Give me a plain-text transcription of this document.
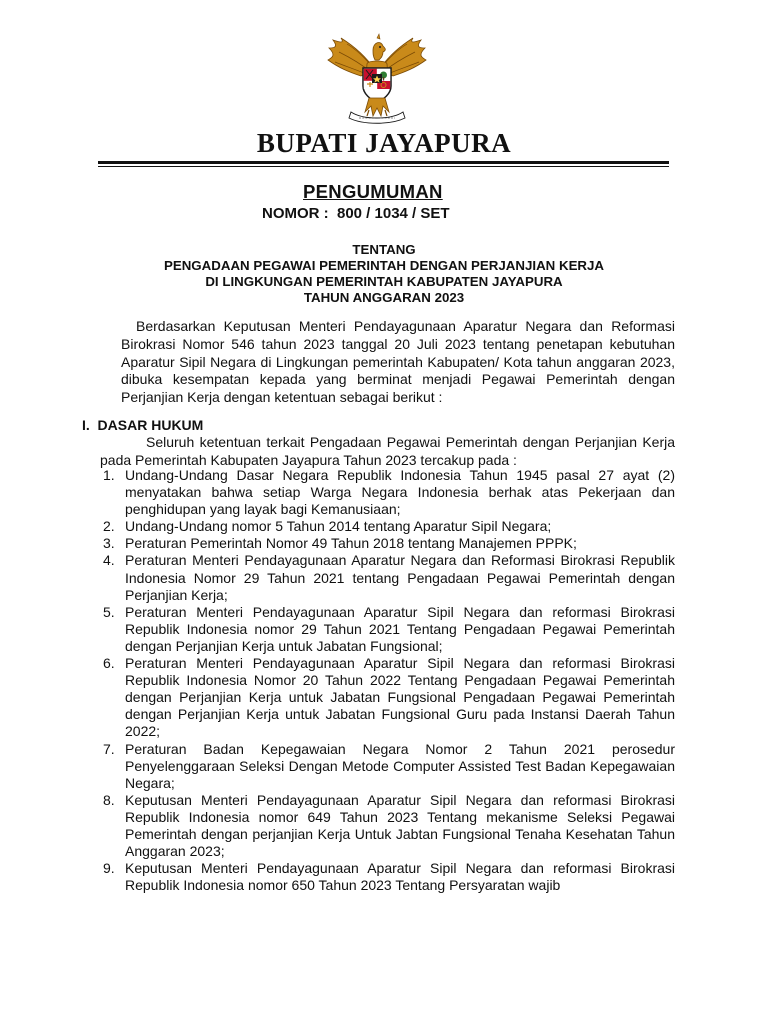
BUPATI JAYAPURA
PENGUMUMAN
NOMOR :  800 / 1034 / SET
TENTANG
PENGADAAN PEGAWAI PEMERINTAH DENGAN PERJANJIAN KERJA
DI LINGKUNGAN PEMERINTAH KABUPATEN JAYAPURA
TAHUN ANGGARAN 2023
Berdasarkan Keputusan Menteri Pendayagunaan Aparatur Negara dan Reformasi Birokrasi Nomor 546 tahun 2023 tanggal 20 Juli 2023 tentang penetapan kebutuhan Aparatur Sipil Negara di Lingkungan pemerintah Kabupaten/ Kota tahun anggaran 2023, dibuka kesempatan kepada yang berminat menjadi Pegawai Pemerintah dengan Perjanjian Kerja dengan ketentuan sebagai berikut :
I.  DASAR HUKUM
Seluruh ketentuan terkait Pengadaan Pegawai Pemerintah dengan Perjanjian Kerja pada Pemerintah Kabupaten Jayapura Tahun 2023 tercakup pada :
1. Undang-Undang Dasar Negara Republik Indonesia Tahun 1945 pasal 27 ayat (2) menyatakan bahwa setiap Warga Negara Indonesia berhak atas Pekerjaan dan penghidupan yang layak bagi Kemanusiaan;
2. Undang-Undang nomor 5 Tahun 2014 tentang Aparatur Sipil Negara;
3. Peraturan Pemerintah Nomor 49 Tahun 2018 tentang Manajemen PPPK;
4. Peraturan Menteri Pendayagunaan Aparatur Negara dan Reformasi Birokrasi Republik Indonesia Nomor 29 Tahun 2021 tentang Pengadaan Pegawai Pemerintah dengan Perjanjian Kerja;
5. Peraturan Menteri Pendayagunaan Aparatur Sipil Negara dan reformasi Birokrasi Republik Indonesia nomor 29 Tahun 2021 Tentang Pengadaan Pegawai Pemerintah dengan Perjanjian Kerja untuk Jabatan Fungsional;
6. Peraturan Menteri Pendayagunaan Aparatur Sipil Negara dan reformasi Birokrasi Republik Indonesia Nomor 20 Tahun 2022 Tentang Pengadaan Pegawai Pemerintah dengan Perjanjian Kerja untuk Jabatan Fungsional Pengadaan Pegawai Pemerintah dengan Perjanjian Kerja untuk Jabatan Fungsional Guru pada Instansi Daerah Tahun 2022;
7. Peraturan Badan Kepegawaian Negara Nomor 2 Tahun 2021 perosedur Penyelenggaraan Seleksi Dengan Metode Computer Assisted Test Badan Kepegawaian Negara;
8. Keputusan Menteri Pendayagunaan Aparatur Sipil Negara dan reformasi Birokrasi Republik Indonesia nomor 649 Tahun 2023 Tentang mekanisme Seleksi Pegawai Pemerintah dengan perjanjian Kerja Untuk Jabtan Fungsional Tenaha Kesehatan Tahun Anggaran 2023;
9. Keputusan Menteri Pendayagunaan Aparatur Sipil Negara dan reformasi Birokrasi Republik Indonesia nomor 650 Tahun 2023 Tentang Persyaratan wajib
